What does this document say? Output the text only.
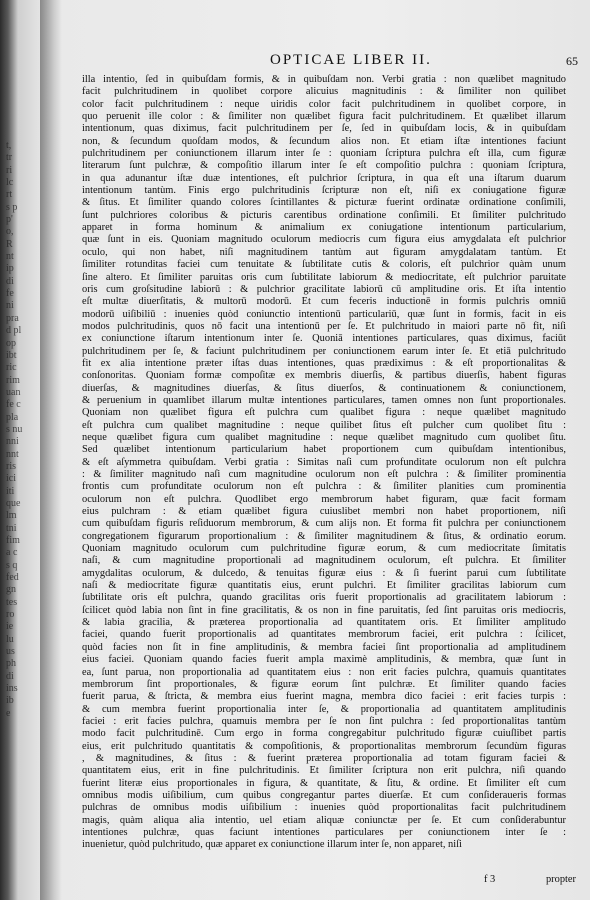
t,
tr
ri
lc
rt
s p
p'
o,
R
nt
ip
di
fe
ni
pra
d pl
op
ibt
ric
rim
uan
fe c
pla
s nu
nni
nnt
ris
ici
iti
que
lm
tni
fim
a c
s q
fed
gn
tes
ro
ie
lu
us
ph
di
ins
ib
e
OPTICAE LIBER II.	65
illa intentio, ſed in quibuſdam formis, & in quibuſdam non. Verbi gratia : non quælibet magnitudo
facit pulchritudinem in quolibet corpore alicuius magnitudinis : & ſimiliter non quilibet
color facit pulchritudinem : neque uiridis color facit pulchritudinem in quolibet corpore, in
quo peruenit ille color : & ſimiliter non quælibet figura facit pulchritudinem. Et quælibet illarum
intentionum, quas diximus, facit pulchritudinem per ſe, ſed in quibuſdam locis, & in quibuſdam
non, & ſecundum quoſdam modos, & ſecundum alios non. Et etiam iſtæ intentiones faciunt
pulchritudinem per coniunctionem illarum inter ſe : quoniam ſcriptura pulchra eſt illa, cum figuræ
literarum ſunt pulchræ, & compoſitio illarum inter ſe eſt compoſitio pulchra : quoniam ſcriptura,
in qua adunantur iſtæ duæ intentiones, eſt pulchrior ſcriptura, in qua eſt una iſtarum duarum
intentionum tantùm. Finis ergo pulchritudinis ſcripturæ non eſt, niſi ex coniugatione figuræ
& ſitus. Et ſimiliter quando colores ſcintillantes & picturæ fuerint ordinatæ ordinatione conſimili,
ſunt pulchriores coloribus & picturis carentibus ordinatione conſimili. Et ſimiliter pulchritudo
apparet in forma hominum & animalium ex coniugatione intentionum particularium,
quæ ſunt in eis. Quoniam magnitudo oculorum mediocris cum figura eius amygdalata eſt pulchrior
oculo, qui non habet, niſi magnitudinem tantùm aut figuram amygdalatam tantùm. Et
ſimiliter rotunditas faciei cum tenuitate & ſubtilitate cutis & coloris, eſt pulchrior quàm unum
ſine altero. Et ſimiliter paruitas oris cum ſubtilitate labiorum & mediocritate, eſt pulchrior paruitate
oris cum groſsitudine labiorū : & pulchrior gracilitate labiorū cū amplitudine oris. Et iſta intentio
eſt multæ diuerſitatis, & multorū modorū. Et cum feceris inductionē in formis pulchris omniū
modorū uiſibiliū : inuenies quòd coniunctio intentionū particulariū, quæ ſunt in formis, facit in eis
modos pulchritudinis, quos nō facit una intentionū per ſe. Et pulchritudo in maiori parte nō fit, niſi
ex coniunctione iſtarum intentionum inter ſe. Quoniā intentiones particulares, quas diximus, faciūt
pulchritudinem per ſe, & faciunt pulchritudinem per coniunctionem earum inter ſe. Et etiā pulchritudo
fit ex alia intentione præter iſtas duas intentiones, quas prædiximus : & eſt proportionalitas &
conſonoritas. Quoniam formæ compoſitæ ex membris diuerſis, & partibus diuerſis, habent figuras
diuerſas, & magnitudines diuerſas, & ſitus diuerſos, & continuationem & coniunctionem,
& peruenium in quamlibet illarum multæ intentiones particulares, tamen omnes non ſunt proportionales.
Quoniam non quælibet figura eſt pulchra cum qualibet figura : neque quælibet magnitudo
eſt pulchra cum qualibet magnitudine : neque quilibet ſitus eſt pulcher cum quolibet ſitu :
neque quælibet figura cum qualibet magnitudine : neque quælibet magnitudo cum quolibet ſitu.
Sed quælibet intentionum particularium habet proportionem cum quibuſdam intentionibus,
& eſt aſymmetra quibuſdam. Verbi gratia : Simitas naſi cum profunditate oculorum non eſt pulchra
: & ſimiliter magnitudo naſi cum magnitudine oculorum non eſt pulchra : & ſimiliter prominentia
frontis cum profunditate oculorum non eſt pulchra : & ſimiliter planities cum prominentia
oculorum non eſt pulchra. Quodlibet ergo membrorum habet figuram, quæ facit formam
eius pulchram : & etiam quælibet figura cuiuslibet membri non habet proportionem, niſi
cum quibuſdam figuris reſiduorum membrorum, & cum alijs non. Et forma fit pulchra per coniunctionem
congregationem figurarum proportionalium : & ſimiliter magnitudinem & ſitus, & ordinatio eorum.
Quoniam magnitudo oculorum cum pulchritudine figuræ eorum, & cum mediocritate ſimitatis
naſi, & cum magnitudine proportionali ad magnitudinem oculorum, eſt pulchra. Et ſimiliter
amygdalitas oculorum, & dulcedo, & tenuitas figuræ eius : & ſi fuerint parui cum ſubtilitate
naſi & mediocritate figuræ quantitatis eius, erunt pulchri. Et ſimiliter gracilitas labiorum cum
ſubtilitate oris eſt pulchra, quando gracilitas oris fuerit proportionalis ad gracilitatem labiorum :
ſcilicet quòd labia non ſint in fine gracilitatis, & os non in fine paruitatis, ſed ſint paruitas oris mediocris,
& labia gracilia, & præterea proportionalia ad quantitatem oris. Et ſimiliter amplitudo
faciei, quando fuerit proportionalis ad quantitates membrorum faciei, erit pulchra : ſcilicet,
quòd facies non ſit in fine amplitudinis, & membra faciei ſint proportionalia ad amplitudinem
eius faciei. Quoniam quando facies fuerit ampla maximè amplitudinis, & membra, quæ ſunt in
ea, ſunt parua, non proportionalia ad quantitatem eius : non erit facies pulchra, quamuis quantitates
membrorum ſint proportionales, & figuræ eorum ſint pulchræ. Et ſimiliter quando facies
fuerit parua, & ſtricta, & membra eius fuerint magna, membra dico faciei : erit facies turpis :
& cum membra fuerint proportionalia inter ſe, & proportionalia ad quantitatem amplitudinis
faciei : erit facies pulchra, quamuis membra per ſe non ſint pulchra : ſed proportionalitas tantùm
modo facit pulchritudinē. Cum ergo in forma congregabitur pulchritudo figuræ cuiuſlibet partis
eius, erit pulchritudo quantitatis & compoſitionis, & proportionalitas membrorum ſecundùm figuras
, & magnitudines, & ſitus : & fuerint præterea proportionalia ad totam figuram faciei &
quantitatem eius, erit in fine pulchritudinis. Et ſimiliter ſcriptura non erit pulchra, niſi quando
fuerint literæ eius proportionales in figura, & quantitate, & ſitu, & ordine. Et ſimiliter eſt cum
omnibus modis uiſibilium, cum quibus congregantur partes diuerſæ. Et cum conſideraueris formas
pulchras de omnibus modis uiſibilium : inuenies quòd proportionalitas facit pulchritudinem
magis, quàm aliqua alia intentio, uel etiam aliquæ coniunctæ per ſe. Et cum conſiderabuntur
intentiones pulchræ, quas faciunt intentiones particulares per coniunctionem inter ſe :
inuenietur, quòd pulchritudo, quæ apparet ex coniunctione illarum inter ſe, non apparet, niſi
f 3	propter
